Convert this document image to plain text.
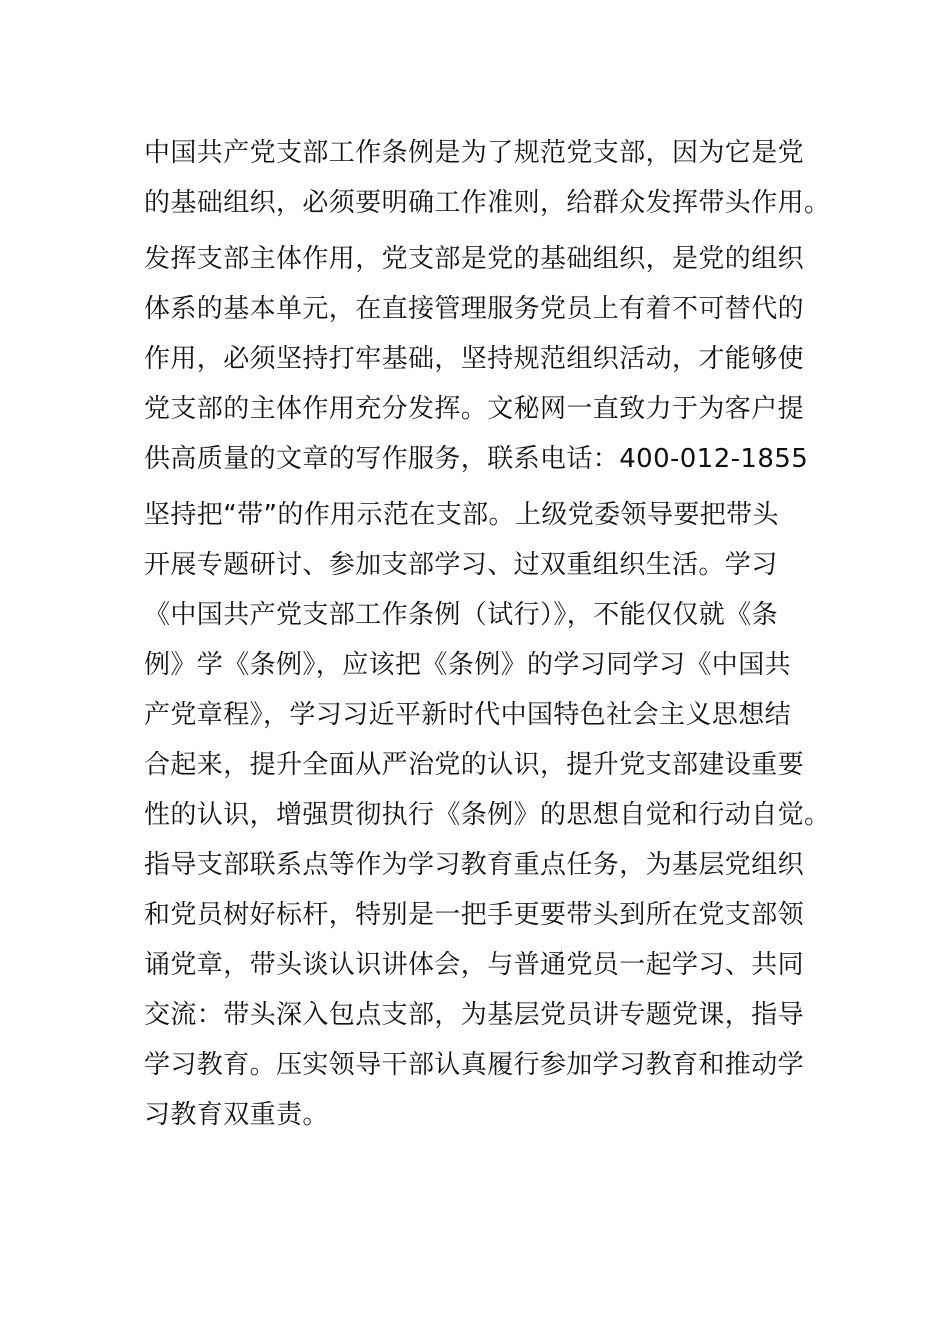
中国共产党支部工作条例是为了规范党支部，因为它是党
的基础组织，必须要明确工作准则，给群众发挥带头作用。
发挥支部主体作用，党支部是党的基础组织，是党的组织
体系的基本单元，在直接管理服务党员上有着不可替代的
作用，必须坚持打牢基础，坚持规范组织活动，才能够使
党支部的主体作用充分发挥。文秘网一直致力于为客户提
供高质量的文章的写作服务，联系电话：400-012-1855
坚持把“带”的作用示范在支部。上级党委领导要把带头
开展专题研讨、参加支部学习、过双重组织生活。学习
《中国共产党支部工作条例（试行）》，不能仅仅就《条
例》学《条例》，应该把《条例》的学习同学习《中国共
产党章程》，学习习近平新时代中国特色社会主义思想结
合起来，提升全面从严治党的认识，提升党支部建设重要
性的认识，增强贯彻执行《条例》的思想自觉和行动自觉。
指导支部联系点等作为学习教育重点任务，为基层党组织
和党员树好标杆，特别是一把手更要带头到所在党支部领
诵党章，带头谈认识讲体会，与普通党员一起学习、共同
交流：带头深入包点支部，为基层党员讲专题党课，指导
学习教育。压实领导干部认真履行参加学习教育和推动学
习教育双重责。
